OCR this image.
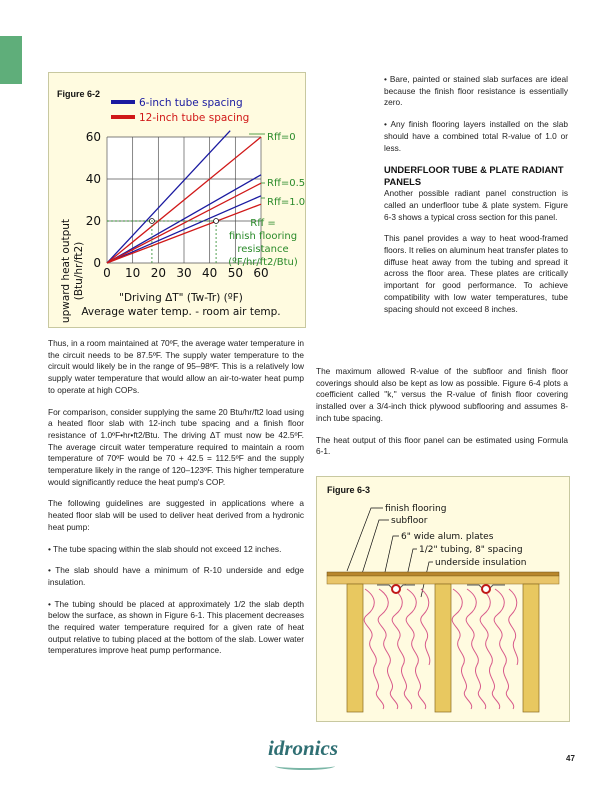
Figure 6-2
6-inch tube spacing
12-inch tube spacing
upward heat output (Btu/hr/ft2) 0 10 20 30 40 50 60
0
20
40
60	Rff=0
Rff=0.5
Rff=1.0
Rff =
finish flooring
resistance
(ºF/hr/ft2/Btu)
"Driving ΔT" (Tw-Tr) (ºF)
Average water temp. - room air temp.

Thus, in a room maintained at 70ºF, the average water temperature in the circuit needs to be 87.5ºF. The supply water temperature to the circuit would likely be in the range of 95–98ºF. This is a relatively low supply water temperature that would allow an air-to-water heat pump to operate at high COPs.

For comparison, consider supplying the same 20 Btu/hr/ft2 load using a heated floor slab with 12-inch tube spacing and a finish floor resistance of 1.0ºF•hr•ft2/Btu. The driving ΔT must now be 42.5ºF. The average circuit water temperature required to maintain a room temperature of 70ºF would be 70 + 42.5 = 112.5ºF and the supply temperature likely in the range of 120–123ºF. This higher temperature would significantly reduce the heat pump's COP.

The following guidelines are suggested in applications where a heated floor slab will be used to deliver heat derived from a hydronic heat pump:

• The tube spacing within the slab should not exceed 12 inches.

• The slab should have a minimum of R-10 underside and edge insulation.

• The tubing should be placed at approximately 1/2 the slab depth below the surface, as shown in Figure 6-1. This placement decreases the required water temperature required for a given rate of heat output relative to tubing placed at the bottom of the slab. Lower water temperatures improve heat pump performance.

• Bare, painted or stained slab surfaces are ideal because the finish floor resistance is essentially zero.

• Any finish flooring layers installed on the slab should have a combined total R-value of 1.0 or less.

UNDERFLOOR TUBE & PLATE RADIANT PANELS

Another possible radiant panel construction is called an underfloor tube & plate system. Figure 6-3 shows a typical cross section for this panel.

This panel provides a way to heat wood-framed floors. It relies on aluminum heat transfer plates to diffuse heat away from the tubing and spread it across the floor area. These plates are critically important for good performance. To achieve compatibility with low water temperatures, tube spacing should not exceed 8 inches.

The maximum allowed R-value of the subfloor and finish floor coverings should also be kept as low as possible. Figure 6-4 plots a coefficient called "k," versus the R-value of finish floor covering installed over a 3/4-inch thick plywood subflooring and assumes 8-inch tube spacing.

The heat output of this floor panel can be estimated using Formula 6-1.

Figure 6-3
finish flooring
subfloor
6" wide alum. plates
1/2" tubing, 8" spacing
underside insulation
idronics	47
